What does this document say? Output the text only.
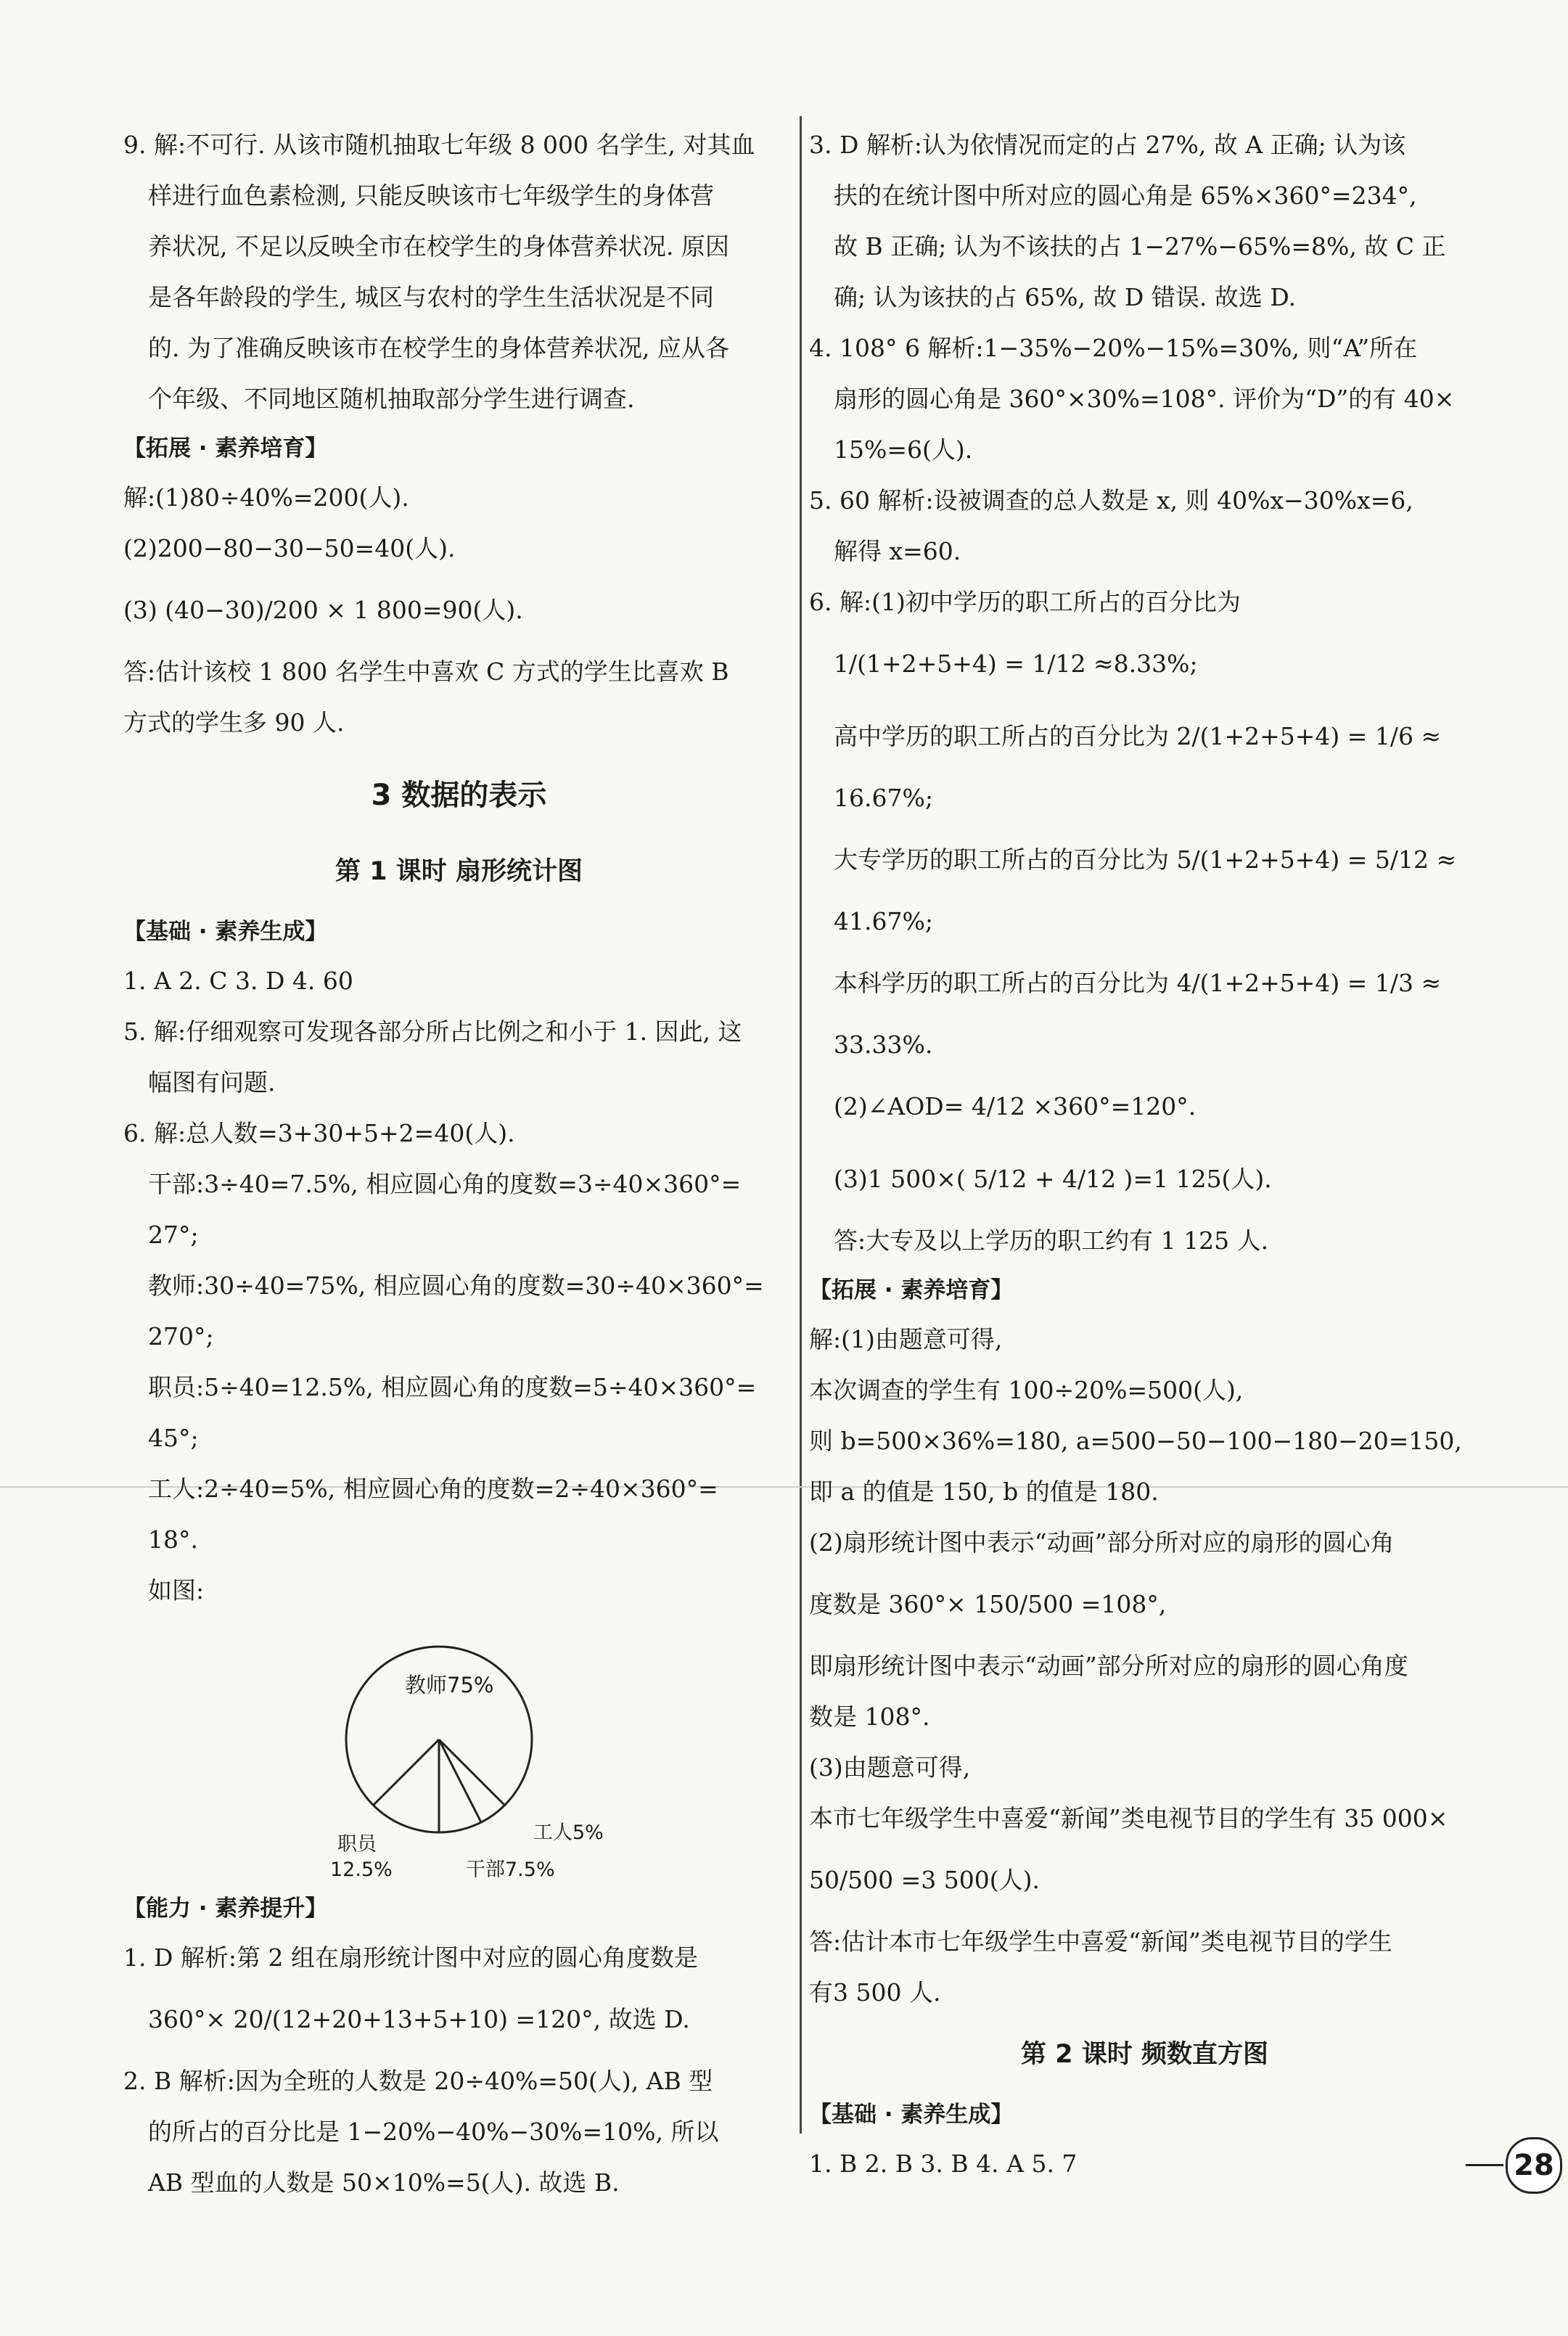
9. 解:不可行. 从该市随机抽取七年级 8 000 名学生, 对其血
样进行血色素检测, 只能反映该市七年级学生的身体营
养状况, 不足以反映全市在校学生的身体营养状况. 原因
是各年龄段的学生, 城区与农村的学生生活状况是不同
的. 为了准确反映该市在校学生的身体营养状况, 应从各
个年级、不同地区随机抽取部分学生进行调查.
【拓展 · 素养培育】
解:(1)80÷40%=200(人).
(2)200−80−30−50=40(人).
(3) (40−30)/200 × 1 800=90(人).
答:估计该校 1 800 名学生中喜欢 C 方式的学生比喜欢 B
方式的学生多 90 人.
3 数据的表示
第 1 课时 扇形统计图
【基础 · 素养生成】
1. A 2. C 3. D 4. 60
5. 解:仔细观察可发现各部分所占比例之和小于 1. 因此, 这
幅图有问题.
6. 解:总人数=3+30+5+2=40(人).
干部:3÷40=7.5%, 相应圆心角的度数=3÷40×360°=
27°;
教师:30÷40=75%, 相应圆心角的度数=30÷40×360°=
270°;
职员:5÷40=12.5%, 相应圆心角的度数=5÷40×360°=
45°;
工人:2÷40=5%, 相应圆心角的度数=2÷40×360°=
18°.
如图:
教师75%
职员
12.5%	干部7.5%
工人5%
【能力 · 素养提升】
1. D 解析:第 2 组在扇形统计图中对应的圆心角度数是
360°× 20/(12+20+13+5+10) =120°, 故选 D.
2. B 解析:因为全班的人数是 20÷40%=50(人), AB 型
的所占的百分比是 1−20%−40%−30%=10%, 所以
AB 型血的人数是 50×10%=5(人). 故选 B.
3. D 解析:认为依情况而定的占 27%, 故 A 正确; 认为该
扶的在统计图中所对应的圆心角是 65%×360°=234°,
故 B 正确; 认为不该扶的占 1−27%−65%=8%, 故 C 正
确; 认为该扶的占 65%, 故 D 错误. 故选 D.
4. 108° 6 解析:1−35%−20%−15%=30%, 则“A”所在
扇形的圆心角是 360°×30%=108°. 评价为“D”的有 40×
15%=6(人).
5. 60 解析:设被调查的总人数是 x, 则 40%x−30%x=6,
解得 x=60.
6. 解:(1)初中学历的职工所占的百分比为
1/(1+2+5+4) = 1/12 ≈8.33%;
高中学历的职工所占的百分比为 2/(1+2+5+4) = 1/6 ≈
16.67%;
大专学历的职工所占的百分比为 5/(1+2+5+4) = 5/12 ≈
41.67%;
本科学历的职工所占的百分比为 4/(1+2+5+4) = 1/3 ≈
33.33%.
(2)∠AOD= 4/12 ×360°=120°.
(3)1 500×( 5/12 + 4/12 )=1 125(人).
答:大专及以上学历的职工约有 1 125 人.
【拓展 · 素养培育】
解:(1)由题意可得,
本次调查的学生有 100÷20%=500(人),
则 b=500×36%=180, a=500−50−100−180−20=150,
即 a 的值是 150, b 的值是 180.
(2)扇形统计图中表示“动画”部分所对应的扇形的圆心角
度数是 360°× 150/500 =108°,
即扇形统计图中表示“动画”部分所对应的扇形的圆心角度
数是 108°.
(3)由题意可得,
本市七年级学生中喜爱“新闻”类电视节目的学生有 35 000×
50/500 =3 500(人).
答:估计本市七年级学生中喜爱“新闻”类电视节目的学生
有3 500 人.
第 2 课时 频数直方图
【基础 · 素养生成】
1. B 2. B 3. B 4. A 5. 7	28
